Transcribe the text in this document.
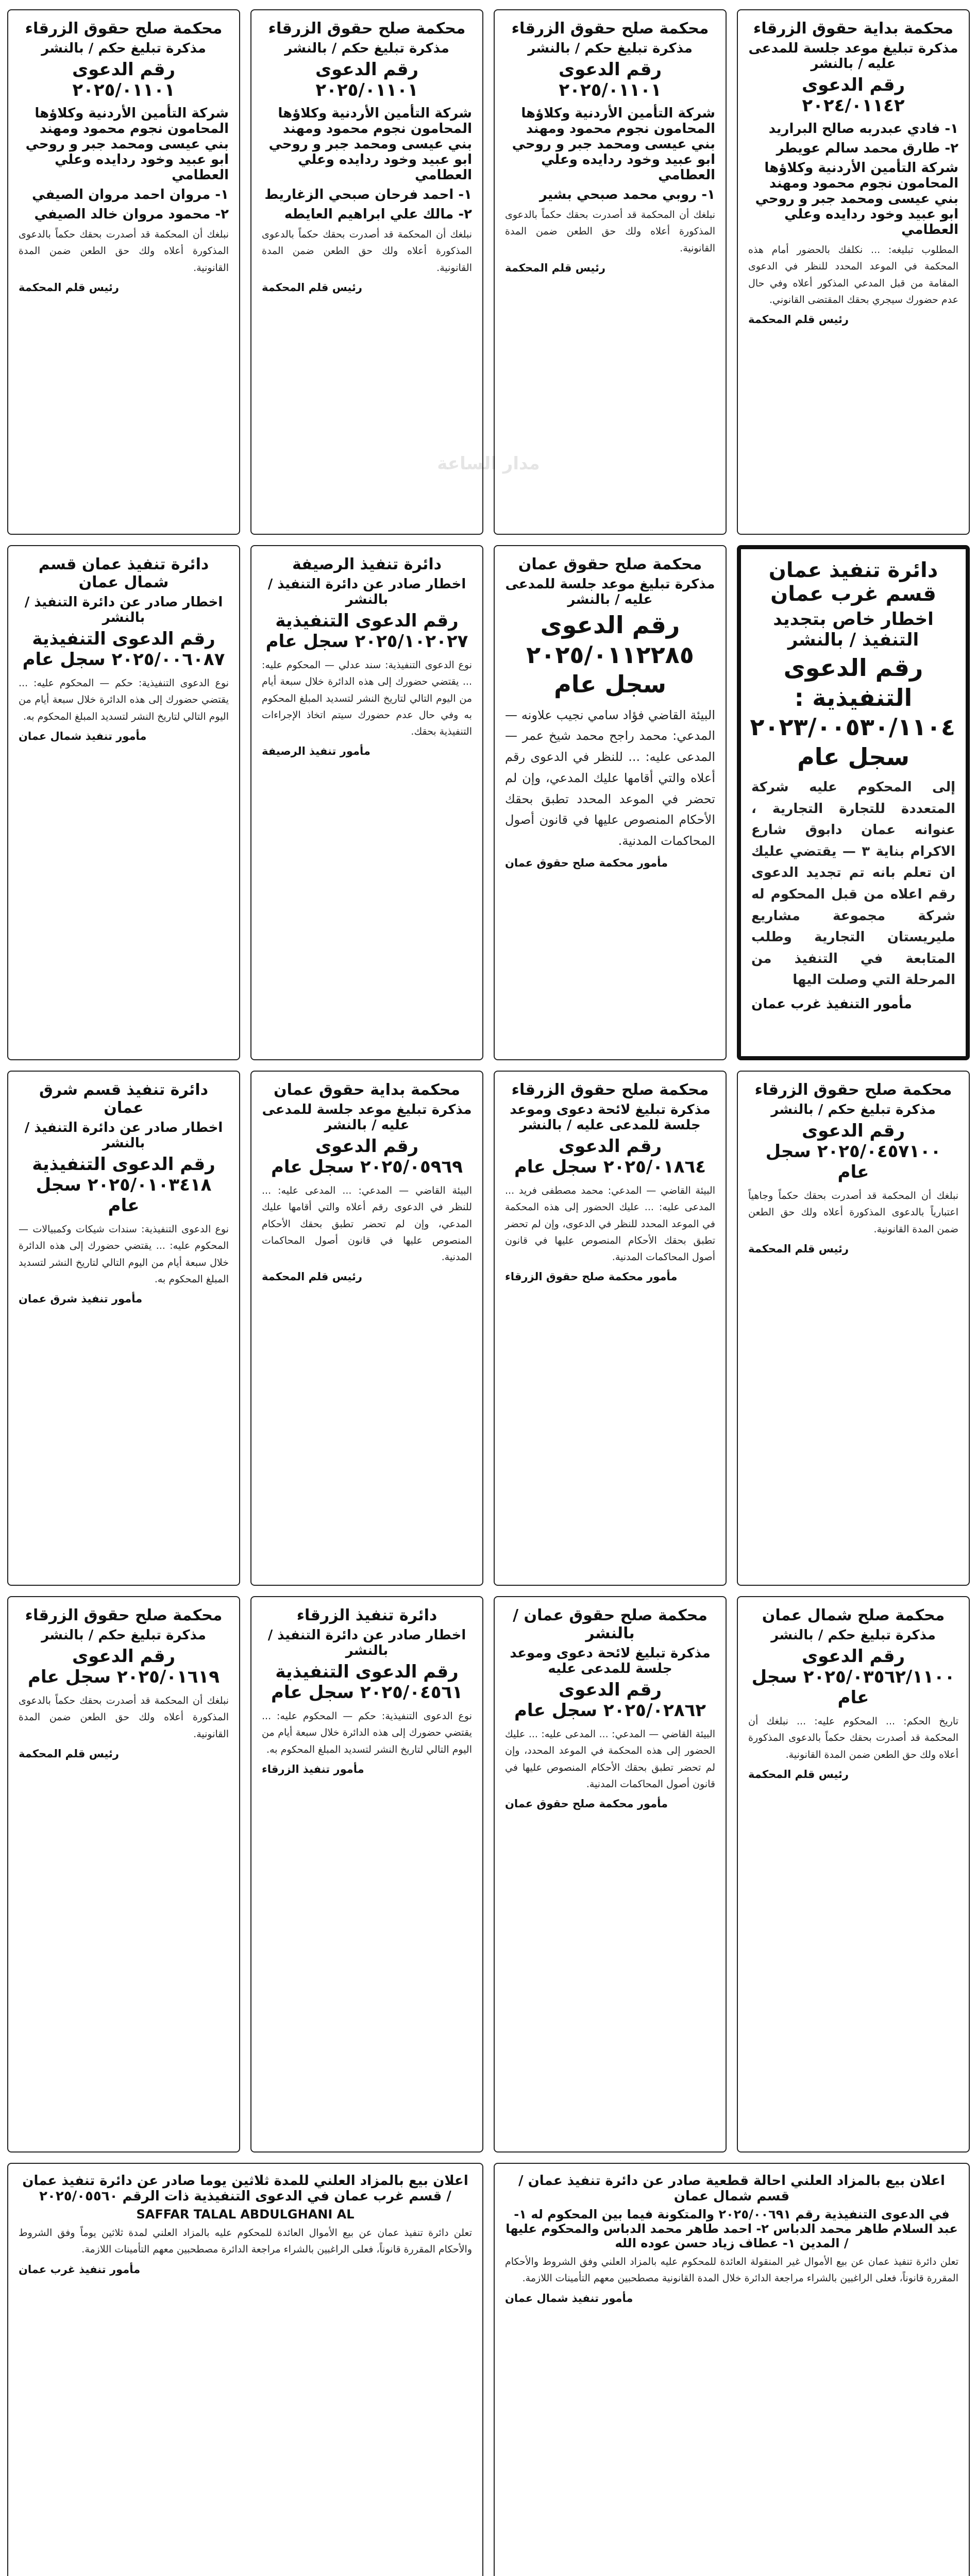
محكمة بداية حقوق الزرقاء
مذكرة تبليغ موعد جلسة للمدعى عليه / بالنشر
رقم الدعوى ٢٠٢٤/٠١١٤٢
١- فادي عبدربه صالح البراريد
٢- طارق محمد سالم عويطر
شركة التأمين الأردنية وكلاؤها المحامون نجوم محمود ومهند بني عيسى ومحمد جبر و روحي ابو عبيد وخود ردايده وعلي العطامي
المطلوب تبليغه: ... نكلفك بالحضور أمام هذه المحكمة في الموعد المحدد للنظر في الدعوى المقامة من قبل المدعي المذكور أعلاه وفي حال عدم حضورك سيجري بحقك المقتضى القانوني.
رئيس قلم المحكمة
محكمة صلح حقوق الزرقاء
مذكرة تبليغ حكم / بالنشر
رقم الدعوى ٢٠٢٥/٠١١٠١
شركة التأمين الأردنية وكلاؤها المحامون نجوم محمود ومهند بني عيسى ومحمد جبر و روحي ابو عبيد وخود ردايده وعلي العطامي
١- روبي محمد صبحي بشير
نبلغك أن المحكمة قد أصدرت بحقك حكماً بالدعوى المذكورة أعلاه ولك حق الطعن ضمن المدة القانونية.
رئيس قلم المحكمة
محكمة صلح حقوق الزرقاء
مذكرة تبليغ حكم / بالنشر
رقم الدعوى ٢٠٢٥/٠١١٠١
شركة التأمين الأردنية وكلاؤها المحامون نجوم محمود ومهند بني عيسى ومحمد جبر و روحي ابو عبيد وخود ردايده وعلي العطامي
١- احمد فرحان صبحي الزغاريط
٢- مالك علي ابراهيم العايطه
نبلغك أن المحكمة قد أصدرت بحقك حكماً بالدعوى المذكورة أعلاه ولك حق الطعن ضمن المدة القانونية.
رئيس قلم المحكمة
محكمة صلح حقوق الزرقاء
مذكرة تبليغ حكم / بالنشر
رقم الدعوى ٢٠٢٥/٠١١٠١
شركة التأمين الأردنية وكلاؤها المحامون نجوم محمود ومهند بني عيسى ومحمد جبر و روحي ابو عبيد وخود ردايده وعلي العطامي
١- مروان احمد مروان الصيفي
٢- محمود مروان خالد الصيفي
نبلغك أن المحكمة قد أصدرت بحقك حكماً بالدعوى المذكورة أعلاه ولك حق الطعن ضمن المدة القانونية.
رئيس قلم المحكمة
دائرة تنفيذ عمان قسم غرب عمان
اخطار خاص بتجديد التنفيذ / بالنشر
رقم الدعوى التنفيذية : ٢٠٢٣/٠٠٥٣٠/١١٠٤ سجل عام
إلى المحكوم عليه شركة المتعددة للتجارة التجارية ، عنوانه عمان دابوق شارع الاكرام بناية ٣ — يقتضي عليك ان تعلم بانه تم تجديد الدعوى رقم اعلاه من قبل المحكوم له شركة مجموعة مشاريع مليريستان التجارية وطلب المتابعة في التنفيذ من المرحلة التي وصلت اليها
مأمور التنفيذ غرب عمان
محكمة صلح حقوق عمان
مذكرة تبليغ موعد جلسة للمدعى عليه / بالنشر
رقم الدعوى ٢٠٢٥/٠١١٢٢٨٥ سجل عام
البيئة القاضي فؤاد سامي نجيب علاونه — المدعي: محمد راجح محمد شيخ عمر — المدعى عليه: ... للنظر في الدعوى رقم أعلاه والتي أقامها عليك المدعي، وإن لم تحضر في الموعد المحدد تطبق بحقك الأحكام المنصوص عليها في قانون أصول المحاكمات المدنية.
مأمور محكمة صلح حقوق عمان
دائرة تنفيذ الرصيفة
اخطار صادر عن دائرة التنفيذ / بالنشر
رقم الدعوى التنفيذية ٢٠٢٥/١٠٢٠٢٧ سجل عام
نوع الدعوى التنفيذية: سند عدلي — المحكوم عليه: ... يقتضي حضورك إلى هذه الدائرة خلال سبعة أيام من اليوم التالي لتاريخ النشر لتسديد المبلغ المحكوم به وفي حال عدم حضورك سيتم اتخاذ الإجراءات التنفيذية بحقك.
مأمور تنفيذ الرصيفة
دائرة تنفيذ عمان قسم شمال عمان
اخطار صادر عن دائرة التنفيذ / بالنشر
رقم الدعوى التنفيذية ٢٠٢٥/٠٠٦٠٨٧ سجل عام
نوع الدعوى التنفيذية: حكم — المحكوم عليه: ... يقتضي حضورك إلى هذه الدائرة خلال سبعة أيام من اليوم التالي لتاريخ النشر لتسديد المبلغ المحكوم به.
مأمور تنفيذ شمال عمان
محكمة صلح حقوق الزرقاء
مذكرة تبليغ حكم / بالنشر
رقم الدعوى ٢٠٢٥/٠٤٥٧١٠٠ سجل عام
نبلغك أن المحكمة قد أصدرت بحقك حكماً وجاهياً اعتبارياً بالدعوى المذكورة أعلاه ولك حق الطعن ضمن المدة القانونية.
رئيس قلم المحكمة
محكمة صلح حقوق الزرقاء
مذكرة تبليغ لائحة دعوى وموعد جلسة للمدعى عليه / بالنشر
رقم الدعوى ٢٠٢٥/٠١٨٦٤ سجل عام
البيئة القاضي — المدعي: محمد مصطفى فريد ... المدعى عليه: ... عليك الحضور إلى هذه المحكمة في الموعد المحدد للنظر في الدعوى، وإن لم تحضر تطبق بحقك الأحكام المنصوص عليها في قانون أصول المحاكمات المدنية.
مأمور محكمة صلح حقوق الزرقاء
محكمة بداية حقوق عمان
مذكرة تبليغ موعد جلسة للمدعى عليه / بالنشر
رقم الدعوى ٢٠٢٥/٠٥٩٦٩ سجل عام
البيئة القاضي — المدعي: ... المدعى عليه: ... للنظر في الدعوى رقم أعلاه والتي أقامها عليك المدعي، وإن لم تحضر تطبق بحقك الأحكام المنصوص عليها في قانون أصول المحاكمات المدنية.
رئيس قلم المحكمة
دائرة تنفيذ قسم شرق عمان
اخطار صادر عن دائرة التنفيذ / بالنشر
رقم الدعوى التنفيذية ٢٠٢٥/٠١٠٣٤١٨ سجل عام
نوع الدعوى التنفيذية: سندات شيكات وكمبيالات — المحكوم عليه: ... يقتضي حضورك إلى هذه الدائرة خلال سبعة أيام من اليوم التالي لتاريخ النشر لتسديد المبلغ المحكوم به.
مأمور تنفيذ شرق عمان
محكمة صلح شمال عمان
مذكرة تبليغ حكم / بالنشر
رقم الدعوى ٢٠٢٥/٠٣٥٦٢/١١٠٠ سجل عام
تاريخ الحكم: ... المحكوم عليه: ... نبلغك أن المحكمة قد أصدرت بحقك حكماً بالدعوى المذكورة أعلاه ولك حق الطعن ضمن المدة القانونية.
رئيس قلم المحكمة
محكمة صلح حقوق عمان / بالنشر
مذكرة تبليغ لائحة دعوى وموعد جلسة للمدعى عليه
رقم الدعوى ٢٠٢٥/٠٢٨٦٢ سجل عام
البيئة القاضي — المدعي: ... المدعى عليه: ... عليك الحضور إلى هذه المحكمة في الموعد المحدد، وإن لم تحضر تطبق بحقك الأحكام المنصوص عليها في قانون أصول المحاكمات المدنية.
مأمور محكمة صلح حقوق عمان
دائرة تنفيذ الزرقاء
اخطار صادر عن دائرة التنفيذ / بالنشر
رقم الدعوى التنفيذية ٢٠٢٥/٠٤٥٦١ سجل عام
نوع الدعوى التنفيذية: حكم — المحكوم عليه: ... يقتضي حضورك إلى هذه الدائرة خلال سبعة أيام من اليوم التالي لتاريخ النشر لتسديد المبلغ المحكوم به.
مأمور تنفيذ الزرقاء
محكمة صلح حقوق الزرقاء
مذكرة تبليغ حكم / بالنشر
رقم الدعوى ٢٠٢٥/٠١٦١٩ سجل عام
نبلغك أن المحكمة قد أصدرت بحقك حكماً بالدعوى المذكورة أعلاه ولك حق الطعن ضمن المدة القانونية.
رئيس قلم المحكمة
اعلان بيع بالمزاد العلني احالة قطعية صادر عن دائرة تنفيذ عمان / قسم شمال عمان
في الدعوى التنفيذية رقم ٢٠٢٥/٠٠٦٩١ والمتكونة فيما بين المحكوم له ١- عبد السلام طاهر محمد الدباس ٢- احمد طاهر محمد الدباس والمحكوم عليها / المدين ١- عطاف زياد حسن عوده الله
تعلن دائرة تنفيذ عمان عن بيع الأموال غير المنقولة العائدة للمحكوم عليه بالمزاد العلني وفق الشروط والأحكام المقررة قانوناً، فعلى الراغبين بالشراء مراجعة الدائرة خلال المدة القانونية مصطحبين معهم التأمينات اللازمة.
مأمور تنفيذ شمال عمان
اعلان بيع بالمزاد العلني للمدة ثلاثين يوما صادر عن دائرة تنفيذ عمان / قسم غرب عمان في الدعوى التنفيذية ذات الرقم ٢٠٢٥/٠٥٥٦٠
SAFFAR TALAL ABDULGHANI AL
تعلن دائرة تنفيذ عمان عن بيع الأموال العائدة للمحكوم عليه بالمزاد العلني لمدة ثلاثين يوماً وفق الشروط والأحكام المقررة قانوناً، فعلى الراغبين بالشراء مراجعة الدائرة مصطحبين معهم التأمينات اللازمة.
مأمور تنفيذ غرب عمان
مدار الساعة
